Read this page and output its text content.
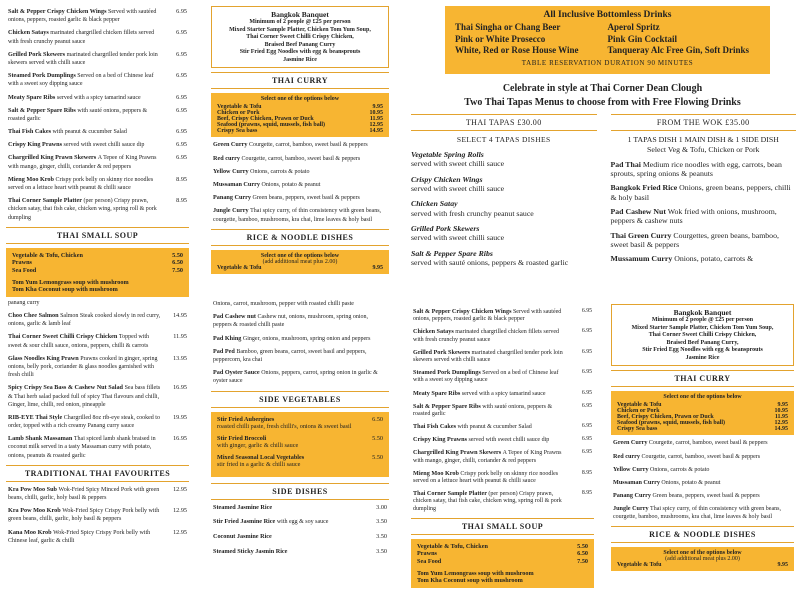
Salt & Pepper Crispy Chicken Wings Served with sautéed onions, peppers, roasted garlic & black pepper
6.95
Chicken Satays marinated chargrilled chicken fillets served with fresh crunchy peanut sauce
6.95
Grilled Pork Skewers marinated chargrilled tender pork loin skewers served with chilli sauce
6.95
Steamed Pork Dumplings Served on a bed of Chinese leaf with a sweet soy dipping sauce
6.95
Meaty Spare Ribs served with a spicy tamarind sauce	6.95
Salt & Pepper Spare Ribs with sauté onions, peppers & roasted garlic
6.95
Thai Fish Cakes with peanut & cucumber Salad	6.95
Crispy King Prawns served with sweet chilli sauce dip	6.95
Chargrilled King Prawn Skewers A Tepee of King Prawns with mango, ginger, chilli, coriander & red peppers
6.95
Mieng Moo Krob Crispy pork belly on skinny rice noodles served on a lettuce heart with peanut & chilli sauce
8.95
Thai Corner Sample Platter (per person) Crispy prawn, chicken satay, thai fish cake, chicken wing, spring roll & pork dumpling
8.95
THAI SMALL SOUP
Vegetable & Tofu, Chicken	5.50
Prawns	6.50
Sea Food	7.50
Tom Yum Lemongrass soup with mushroom
Tom Kha Coconut soup with mushroom
panang curry
Choo Chee Salmon Salmon Steak cooked slowly in red curry, onions, garlic & lamb leaf
14.95
Thai Corner Sweet Chilli Crispy Chicken Topped with sweet & sour chilli sauce, onions, peppers, chilli & carrots
11.95
Glass Noodles King Prawn Prawns cooked in ginger, spring onions, belly pork, coriander & glass noodles garnished with fresh chilli
13.95
Spicy Crispy Sea Bass & Cashew Nut Salad Sea bass fillets & Thai herb salad packed full of spicy Thai flavours and chilli, Ginger, lime, chilli, red onion, pineapple
16.95
RIB-EYE Thai Style Chargrilled 8oz rib-eye steak, cooked to order, topped with a rich creamy Panang curry sauce
19.95
Lamb Shank Massaman Thai spiced lamb shank braised in coconut milk served in a tasty Massaman curry with potato, onions, peanuts & roasted garlic
16.95
TRADITIONAL THAI FAVOURITES
Kra Pow Moo Sub Wok-Fried Spicy Minced Pork with green beans, chilli, garlic, holy basil & peppers
12.95
Kra Pow Moo Krob Wok-Fried Spicy Crispy Pork belly with green beans, chilli, garlic, holy basil & peppers
12.95
Kana Moo Krob Wok-Fried Spicy Crispy Pork belly with Chinese leaf, garlic & chilli
12.95
Bangkok Banquet
Minimum of 2 people @ £25 per person
Mixed Starter Sample Platter, Chicken Tom Yum Soup,
Thai Corner Sweet Chilli Crispy Chicken,
Braised Beef Panang Curry
Stir Fried Egg Noodles with egg & beansprouts
Jasmine Rice
THAI CURRY
Select one of the options below
Vegetable & Tofu	9.95
Chicken or Pork	10.95
Beef, Crispy Chicken, Prawn or Duck	11.95
Seafood (prawns, squid, mussels, fish ball)	12.95
Crispy Sea bass	14.95
Green Curry Courgette, carrot, bamboo, sweet basil & peppers
Red curry Courgette, carrot, bamboo, sweet basil & peppers
Yellow Curry Onions, carrots & potato
Mussaman Curry Onions, potato & peanut
Panang Curry Green beans, peppers, sweet basil & peppers
Jungle Curry Thai spicy curry, of thin consistency with green beans, courgette, bamboo, mushrooms, kra chai, lime leaves & holy basil
RICE & NOODLE DISHES
Select one of the options below
(add additional meat plus 2.00)
Vegetable & Tofu	9.95
Onions, carrot, mushroom, pepper with roasted chilli paste
Pad Cashew nut Cashew nut, onions, mushroom, spring onion, peppers & roasted chilli paste
Pad Khing Ginger, onions, mushroom, spring onion and peppers
Pad Ped Bamboo, green beans, carrot, sweet basil and peppers, peppercorn, kra chai
Pad Oyster Sauce Onions, peppers, carrot, spring onion in garlic & oyster sauce
SIDE VEGETABLES
Stir Fried Aubergines
roasted chilli paste, fresh chilli's, onions & sweet basil
6.50
Stir Fried Broccoli
with ginger, garlic & chilli sauce
5.50
Mixed Seasonal Local Vegetables
stir fried in a garlic & chilli sauce
5.50
SIDE DISHES
Steamed Jasmine Rice	3.00
Stir Fried Jasmine Rice with egg & soy sauce	3.50
Coconut Jasmine Rice	3.50
Steamed Sticky Jasmin Rice	3.50
All Inclusive Bottomless Drinks
Thai Singha or Chang Beer	Aperol Spritz
Pink or White Prosecco	Pink Gin Cocktail
White, Red or Rose House Wine	Tanqueray Alc Free Gin, Soft Drinks
TABLE RESERVATION DURATION 90 MINUTES
Celebrate in style at Thai Corner Dean Clough
Two Thai Tapas Menus to choose from with Free Flowing Drinks
THAI TAPAS £30.00
SELECT 4 TAPAS DISHES
Vegetable Spring Rolls
served with sweet chilli sauce
Crispy Chicken Wings
served with sweet chilli sauce
Chicken Satay
served with fresh crunchy peanut sauce
Grilled Pork Skewers
served with sweet chilli sauce
Salt & Pepper Spare Ribs
served with sauté onions, peppers & roasted garlic
FROM THE WOK £35.00
1 TAPAS DISH 1 MAIN DISH & 1 SIDE DISH
Select Veg & Tofu, Chicken or Pork
Pad Thai Medium rice noodles with egg, carrots, bean sprouts, spring onions & peanuts
Bangkok Fried Rice Onions, green beans, peppers, chilli & holy basil
Pad Cashew Nut Wok fried with onions, mushroom, peppers & cashew nuts
Thai Green Curry Courgettes, green beans, bamboo, sweet basil & peppers
Mussamum Curry Onions, potato, carrots &
Salt & Pepper Crispy Chicken Wings Served with sautéed onions, peppers, roasted garlic & black pepper
6.95
Chicken Satays marinated chargrilled chicken fillets served with fresh crunchy peanut sauce
6.95
Grilled Pork Skewers marinated chargrilled tender pork loin skewers served with chilli sauce
6.95
Steamed Pork Dumplings Served on a bed of Chinese leaf with a sweet soy dipping sauce
6.95
Meaty Spare Ribs served with a spicy tamarind sauce	6.95
Salt & Pepper Spare Ribs with sauté onions, peppers & roasted garlic
6.95
Thai Fish Cakes with peanut & cucumber Salad	6.95
Crispy King Prawns served with sweet chilli sauce dip	6.95
Chargrilled King Prawn Skewers A Tepee of King Prawns with mango, ginger, chilli, coriander & red peppers
6.95
Mieng Moo Krob Crispy pork belly on skinny rice noodles served on a lettuce heart with peanut & chilli sauce
8.95
Thai Corner Sample Platter (per person) Crispy prawn, chicken satay, thai fish cake, chicken wing, spring roll & pork dumpling
8.95
THAI SMALL SOUP
Vegetable & Tofu, Chicken	5.50
Prawns	6.50
Sea Food	7.50
Tom Yum Lemongrass soup with mushroom
Tom Kha Coconut soup with mushroom
Bangkok Banquet
Minimum of 2 people @ £25 per person
Mixed Starter Sample Platter, Chicken Tom Yum Soup,
Thai Corner Sweet Chilli Crispy Chicken,
Braised Beef Panang Curry,
Stir Fried Egg Noodles with egg & beansprouts
Jasmine Rice
THAI CURRY
Select one of the options below
Vegetable & Tofu	9.95
Chicken or Pork	10.95
Beef, Crispy Chicken, Prawn or Duck	11.95
Seafood (prawns, squid, mussels, fish ball)	12.95
Crispy Sea bass	14.95
Green Curry Courgette, carrot, bamboo, sweet basil & peppers
Red curry Courgette, carrot, bamboo, sweet basil & peppers
Yellow Curry Onions, carrots & potato
Mussaman Curry Onions, potato & peanut
Panang Curry Green beans, peppers, sweet basil & peppers
Jungle Curry Thai spicy curry, of thin consistency with green beans, courgette, bamboo, mushrooms, kra chai, lime leaves & holy basil
RICE & NOODLE DISHES
Select one of the options below
(add additional meat plus 2.00)
Vegetable & Tofu	9.95
